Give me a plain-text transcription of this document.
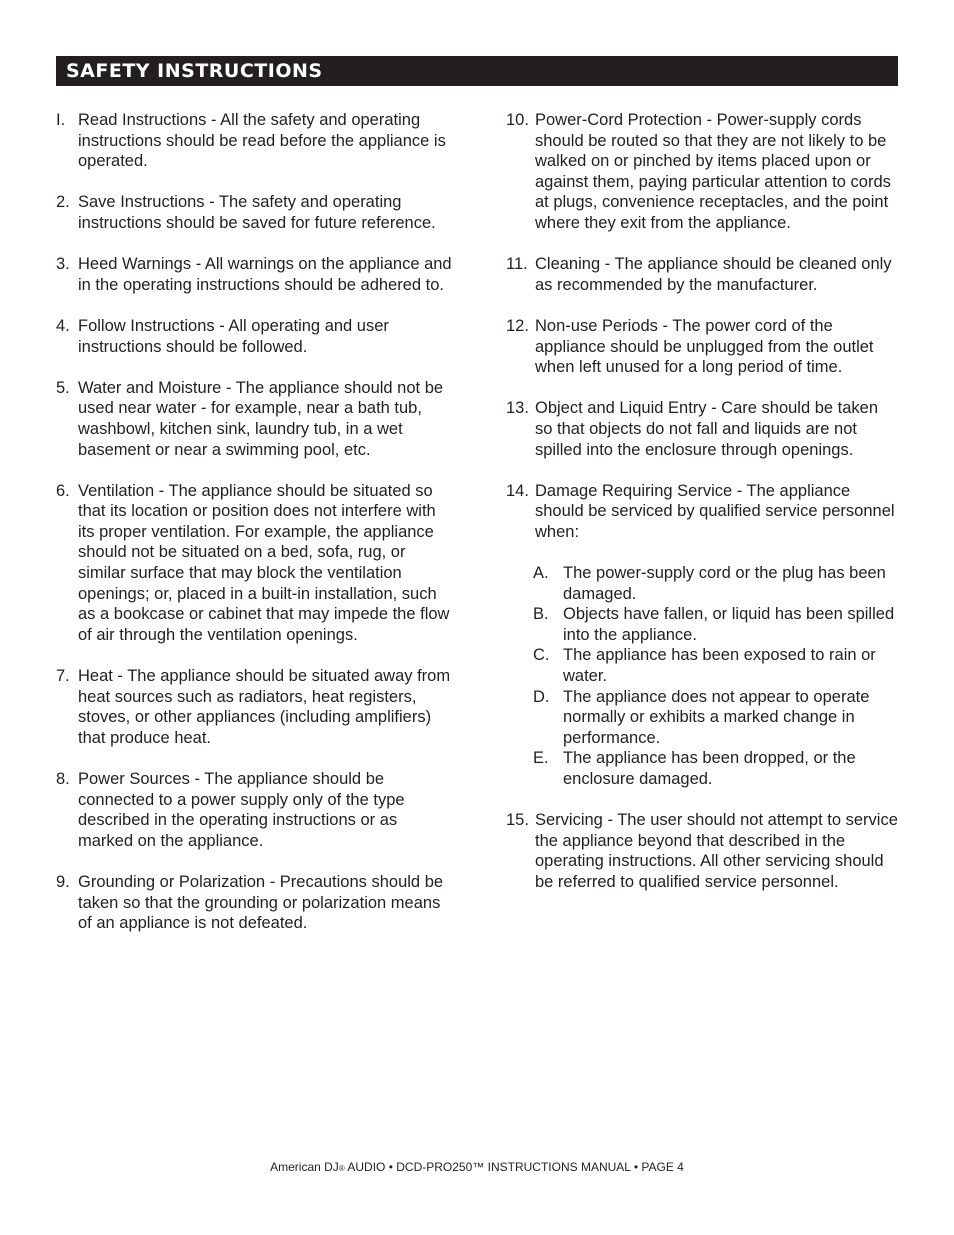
SAFETY INSTRUCTIONS
I. Read Instructions - All the safety and operating instructions should be read before the appliance is operated.
2. Save Instructions - The safety and operating instructions should be saved for future reference.
3. Heed Warnings - All warnings on the appliance and in the operating instructions should be adhered to.
4. Follow Instructions - All operating and user instructions should be followed.
5. Water and Moisture - The appliance should not be used near water - for example, near a bath tub, washbowl, kitchen sink, laundry tub, in a wet basement or near a swimming pool, etc.
6. Ventilation - The appliance should be situated so that its location or position does not interfere with its proper ventilation. For example, the appliance should not be situated on a bed, sofa, rug, or similar surface that may block the ventilation openings; or, placed in a built-in installation, such as a bookcase or cabinet that may impede the flow of air through the ventilation openings.
7. Heat - The appliance should be situated away from heat sources such as radiators, heat registers, stoves, or other appliances (including amplifiers) that produce heat.
8. Power Sources - The appliance should be connected to a power supply only of the type described in the operating instructions or as marked on the appliance.
9. Grounding or Polarization - Precautions should be taken so that the grounding or polarization means of an appliance is not defeated.
10. Power-Cord Protection - Power-supply cords should be routed so that they are not likely to be walked on or pinched by items placed upon or against them, paying particular attention to cords at plugs, convenience receptacles, and the point where they exit from the appliance.
11. Cleaning - The appliance should be cleaned only as recommended by the manufacturer.
12. Non-use Periods - The power cord of the appliance should be unplugged from the outlet when left unused for a long period of time.
13. Object and Liquid Entry - Care should be taken so that objects do not fall and liquids are not spilled into the enclosure through openings.
14. Damage Requiring Service - The appliance should be serviced by qualified service personnel when:
A. The power-supply cord or the plug has been damaged.
B. Objects have fallen, or liquid has been spilled into the appliance.
C. The appliance has been exposed to rain or water.
D. The appliance does not appear to operate normally or exhibits a marked change in performance.
E. The appliance has been dropped, or the enclosure damaged.
15. Servicing - The user should not attempt to service the appliance beyond that described in the operating instructions. All other servicing should be referred to qualified service personnel.
American DJ® AUDIO • DCD-PRO250™ INSTRUCTIONS MANUAL • PAGE 4
